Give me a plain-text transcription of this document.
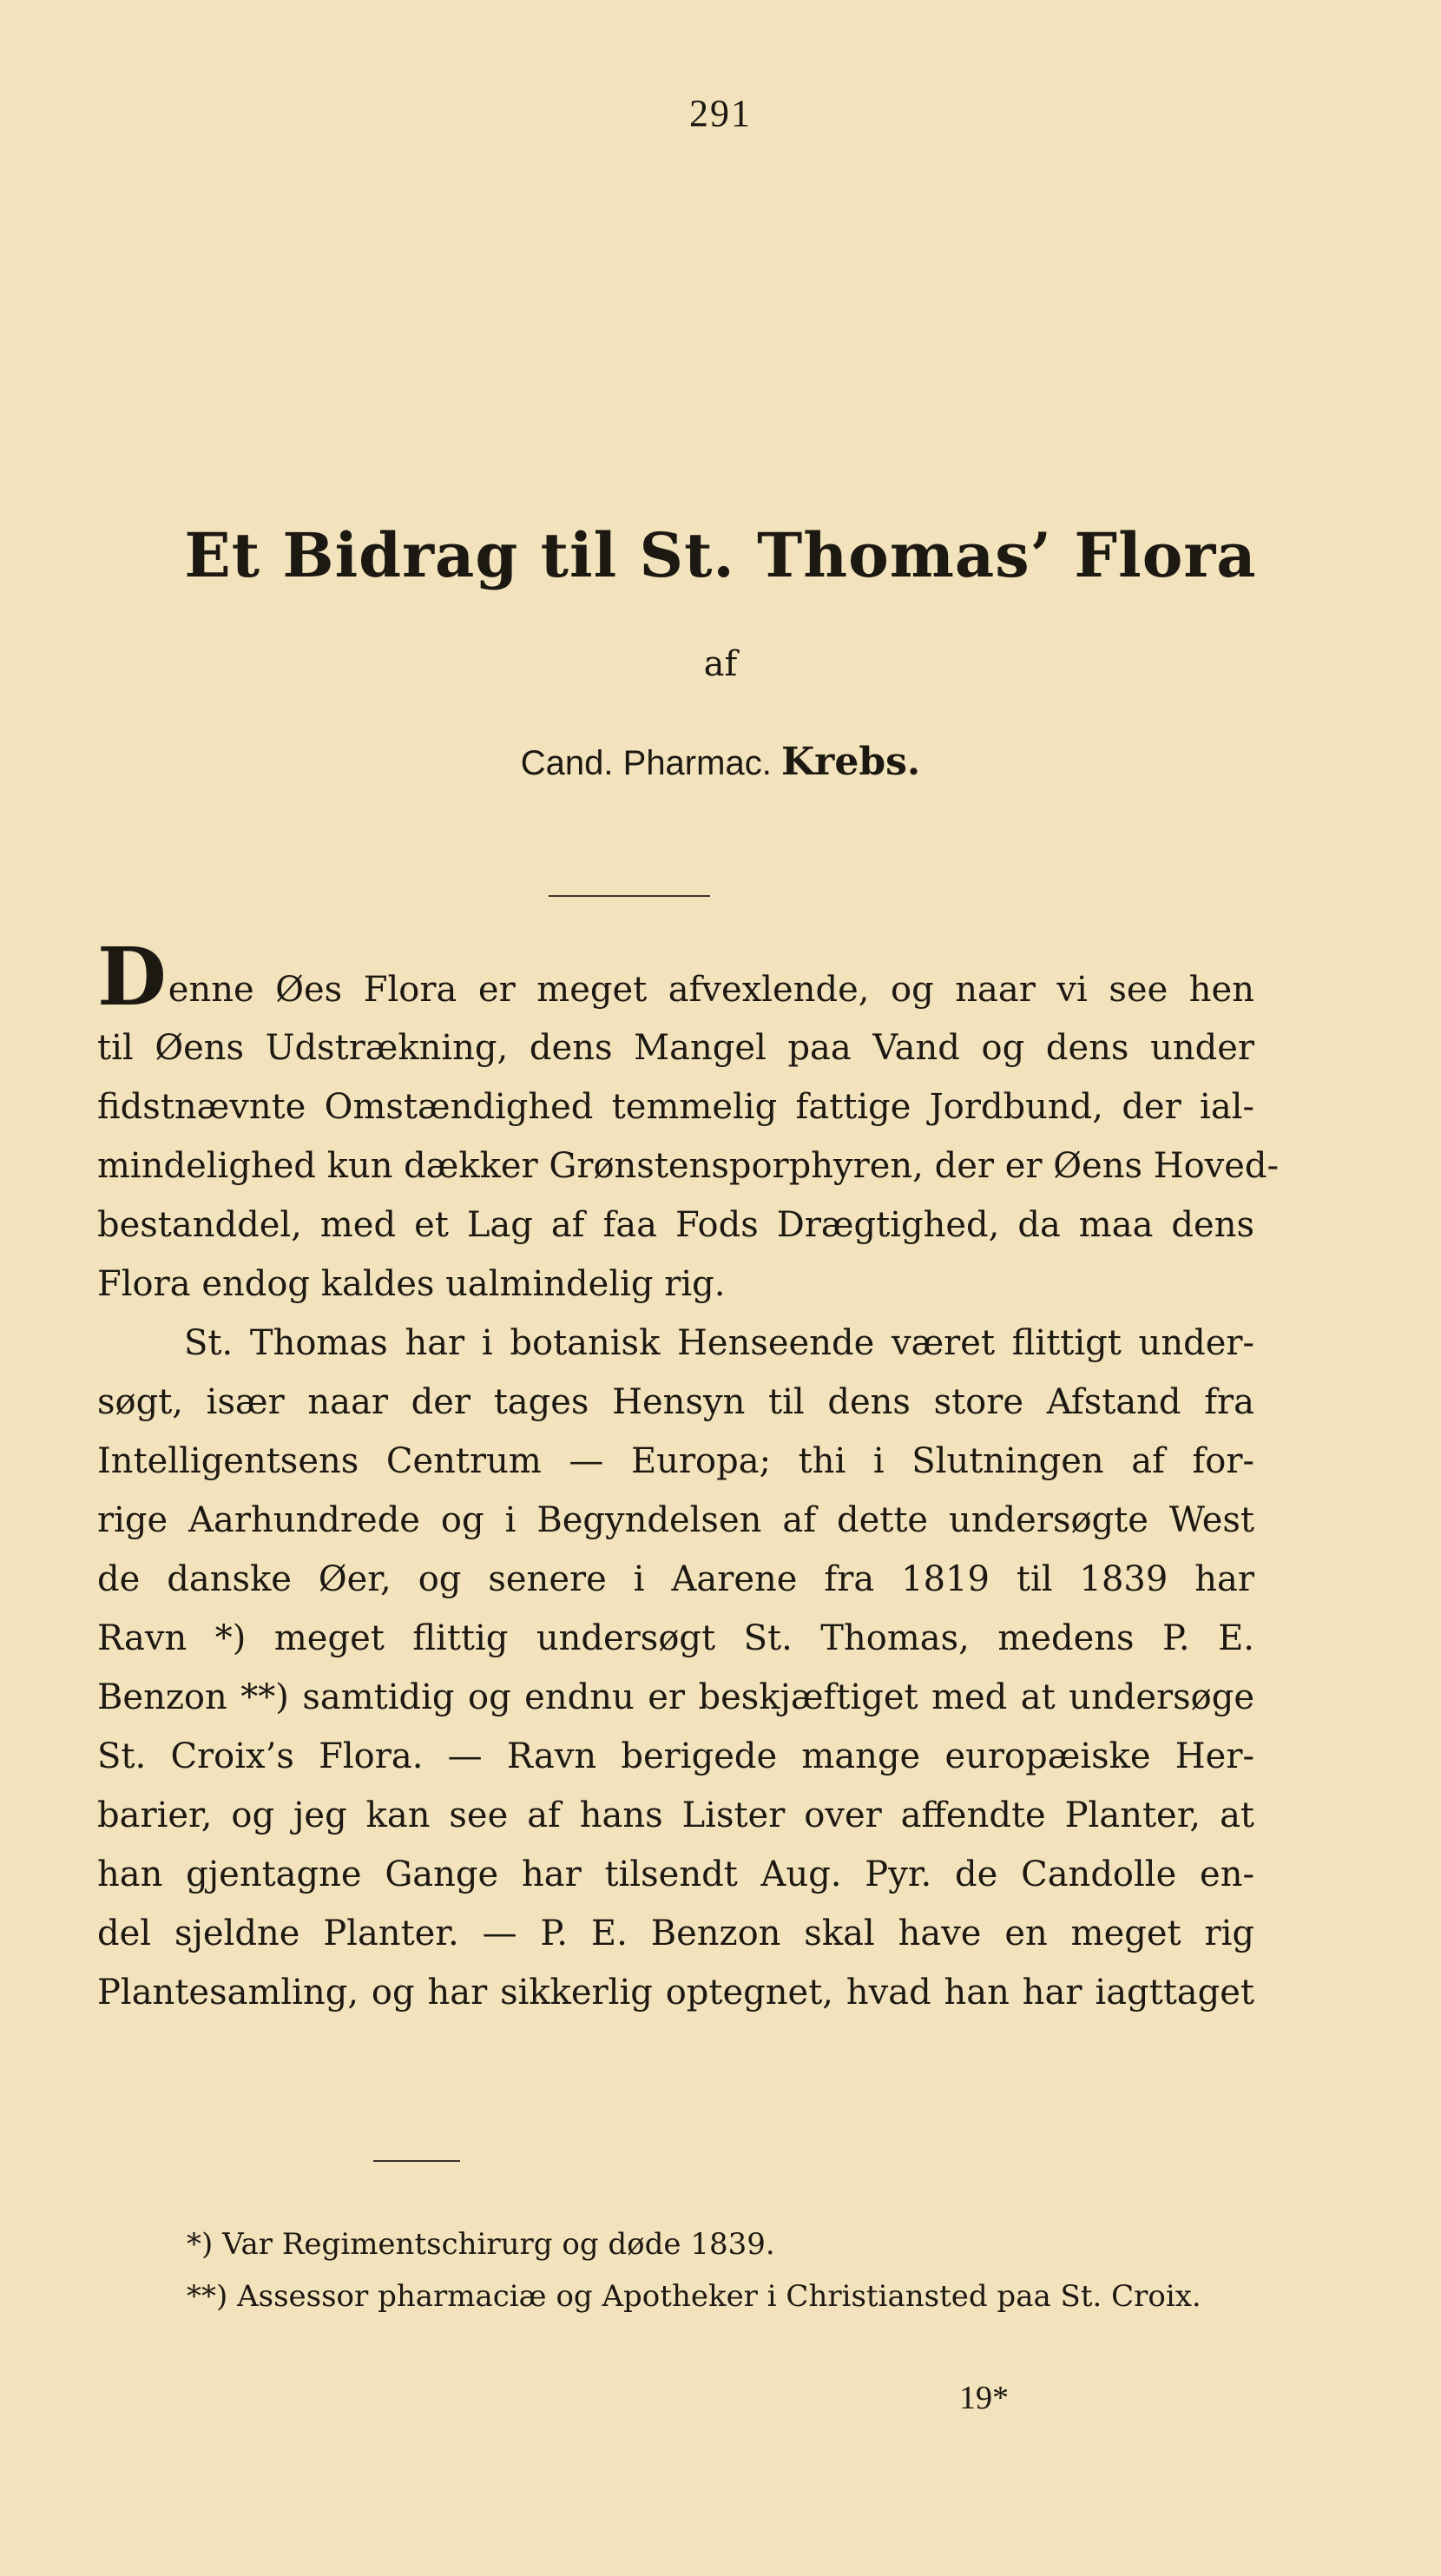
291
Et Bidrag til St. Thomas’ Flora
af
Cand. Pharmac. Krebs.
Denne Øes Flora er meget afvexlende, og naar vi see hen
til Øens Udstrækning, dens Mangel paa Vand og dens under
fidstnævnte Omstændighed temmelig fattige Jordbund, der ial-
mindelighed kun dækker Grønstensporphyren, der er Øens Hoved-
bestanddel, med et Lag af faa Fods Drægtighed, da maa dens
Flora endog kaldes ualmindelig rig.
St. Thomas har i botanisk Henseende været flittigt under-
søgt, især naar der tages Hensyn til dens store Afstand fra
Intelligentsens Centrum — Europa; thi i Slutningen af for-
rige Aarhundrede og i Begyndelsen af dette undersøgte West
de danske Øer, og senere i Aarene fra 1819 til 1839 har
Ravn *) meget flittig undersøgt St. Thomas, medens P. E.
Benzon **) samtidig og endnu er beskjæftiget med at undersøge
St. Croix’s Flora. — Ravn berigede mange europæiske Her-
barier, og jeg kan see af hans Lister over affendte Planter, at
han gjentagne Gange har tilsendt Aug. Pyr. de Candolle en-
del sjeldne Planter. — P. E. Benzon skal have en meget rig
Plantesamling, og har sikkerlig optegnet, hvad han har iagttaget
*) Var Regimentschirurg og døde 1839.
**) Assessor pharmaciæ og Apotheker i Christiansted paa St. Croix.
19*
